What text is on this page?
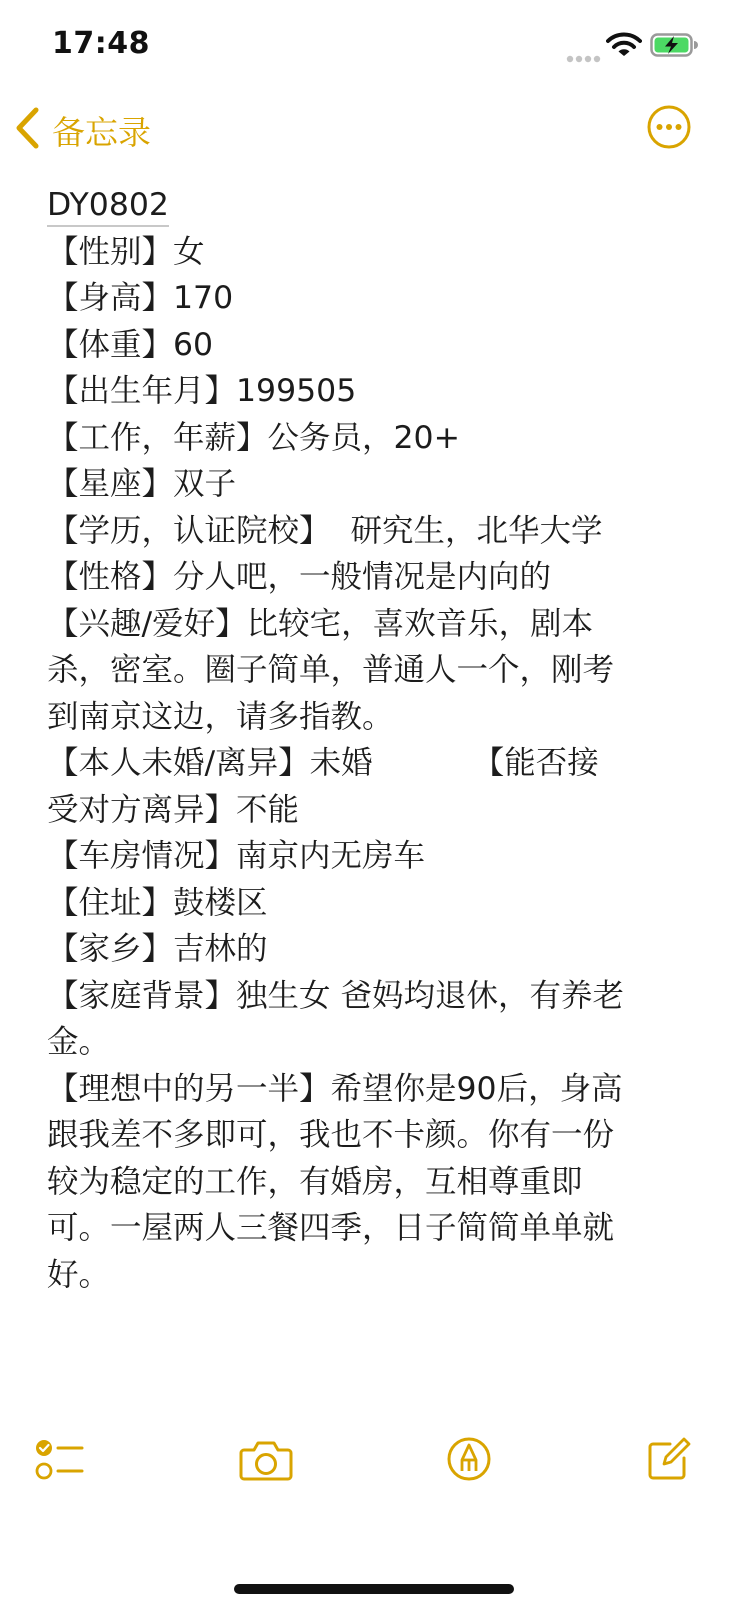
17:48
备忘录
DY0802
【性别】女
【身高】170
【体重】60
【出生年月】199505
【工作，年薪】公务员，20+
【星座】双子
【学历，认证院校】  研究生，北华大学
【性格】分人吧，一般情况是内向的
【兴趣/爱好】比较宅，喜欢音乐，剧本
杀，密室。圈子简单，普通人一个，刚考
到南京这边，请多指教。
【本人未婚/离异】未婚          【能否接
受对方离异】不能
【车房情况】南京内无房车
【住址】鼓楼区
【家乡】吉林的
【家庭背景】独生女 爸妈均退休，有养老
金。
【理想中的另一半】希望你是90后，身高
跟我差不多即可，我也不卡颜。你有一份
较为稳定的工作，有婚房，互相尊重即
可。一屋两人三餐四季，日子简简单单就
好。
